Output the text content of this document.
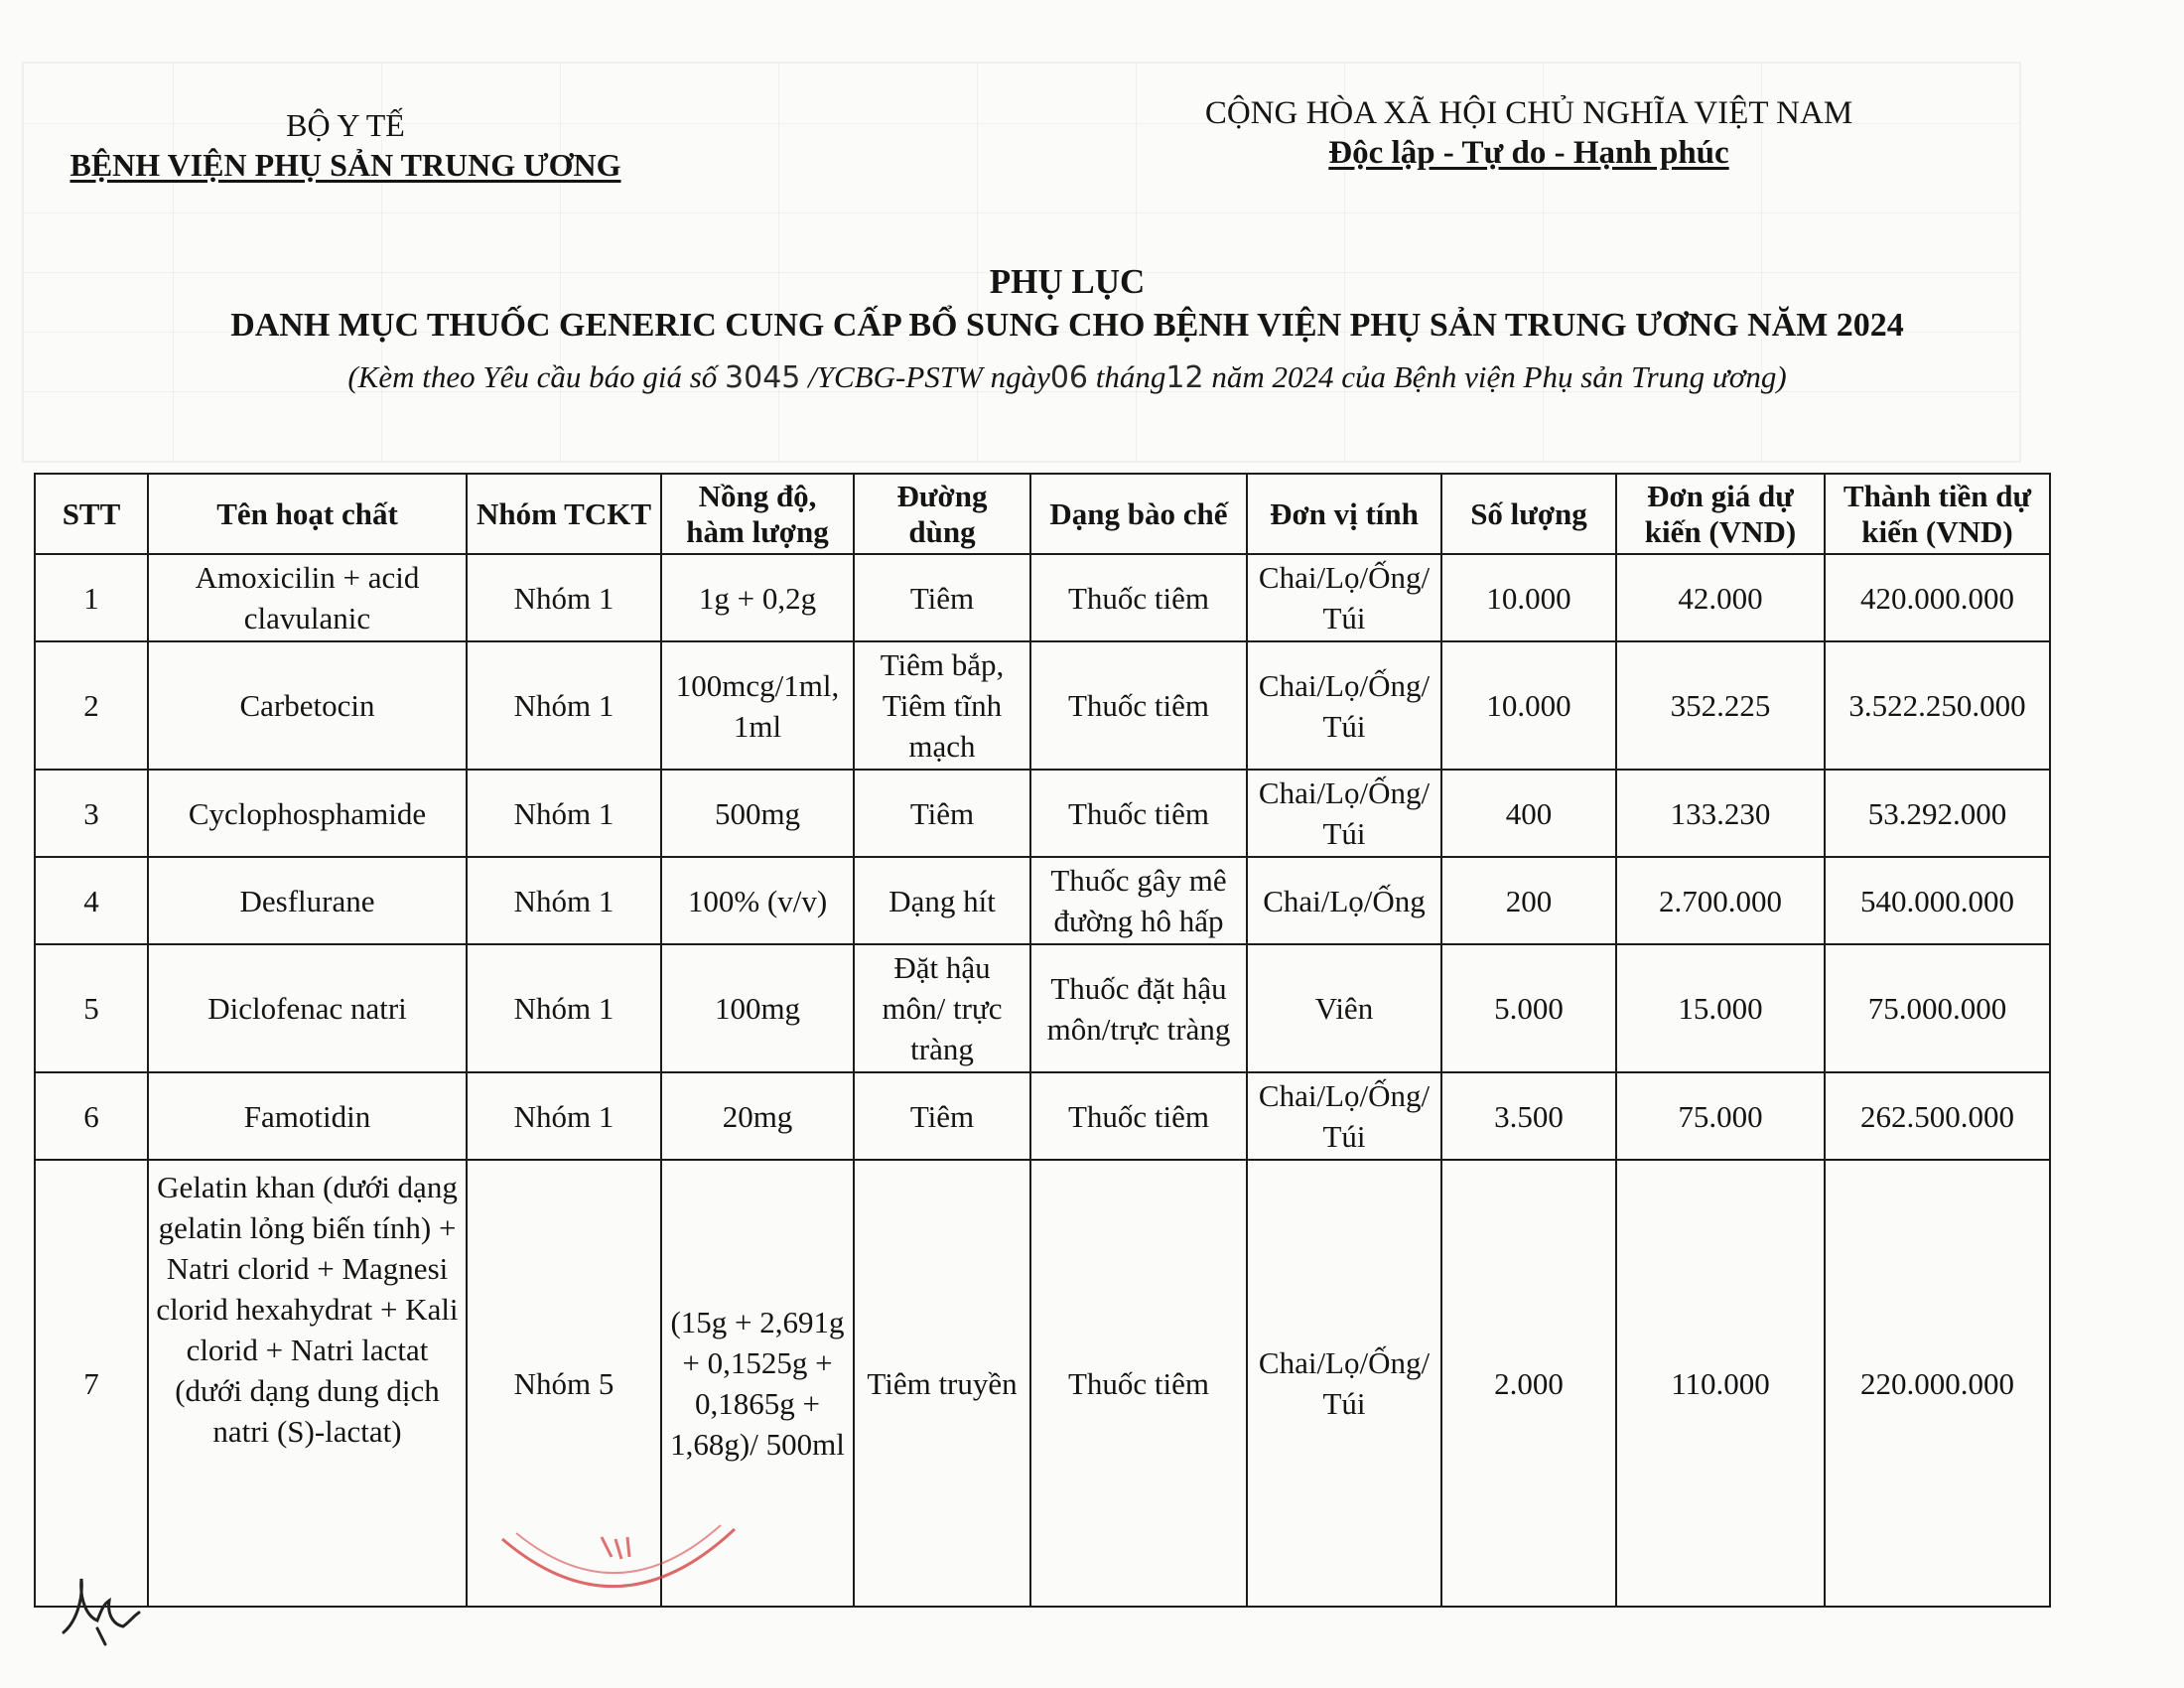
BỘ Y TẾ
BỆNH VIỆN PHỤ SẢN TRUNG ƯƠNG
CỘNG HÒA XÃ HỘI CHỦ NGHĨA VIỆT NAM
Độc lập - Tự do - Hạnh phúc
PHỤ LỤC
DANH MỤC THUỐC GENERIC CUNG CẤP BỔ SUNG CHO BỆNH VIỆN PHỤ SẢN TRUNG ƯƠNG NĂM 2024
(Kèm theo Yêu cầu báo giá số 3045 /YCBG-PSTW ngày06 tháng12 năm 2024 của Bệnh viện Phụ sản Trung ương)
STT	Tên hoạt chất	Nhóm TCKT	Nồng độ, hàm lượng	Đường dùng	Dạng bào chế	Đơn vị tính	Số lượng	Đơn giá dự kiến (VND)	Thành tiền dự kiến (VND)
1	Amoxicilin + acid clavulanic	Nhóm 1	1g + 0,2g	Tiêm	Thuốc tiêm	Chai/Lọ/Ống/ Túi	10.000	42.000	420.000.000
2	Carbetocin	Nhóm 1	100mcg/1ml, 1ml	Tiêm bắp, Tiêm tĩnh mạch	Thuốc tiêm	Chai/Lọ/Ống/ Túi	10.000	352.225	3.522.250.000
3	Cyclophosphamide	Nhóm 1	500mg	Tiêm	Thuốc tiêm	Chai/Lọ/Ống/ Túi	400	133.230	53.292.000
4	Desflurane	Nhóm 1	100% (v/v)	Dạng hít	Thuốc gây mê đường hô hấp	Chai/Lọ/Ống	200	2.700.000	540.000.000
5	Diclofenac natri	Nhóm 1	100mg	Đặt hậu môn/ trực tràng	Thuốc đặt hậu môn/trực tràng	Viên	5.000	15.000	75.000.000
6	Famotidin	Nhóm 1	20mg	Tiêm	Thuốc tiêm	Chai/Lọ/Ống/ Túi	3.500	75.000	262.500.000
7	Gelatin khan (dưới dạng gelatin lỏng biến tính) + Natri clorid + Magnesi clorid hexahydrat + Kali clorid + Natri lactat (dưới dạng dung dịch natri (S)-lactat)	Nhóm 5	(15g + 2,691g + 0,1525g + 0,1865g + 1,68g)/ 500ml	Tiêm truyền	Thuốc tiêm	Chai/Lọ/Ống/ Túi	2.000	110.000	220.000.000
